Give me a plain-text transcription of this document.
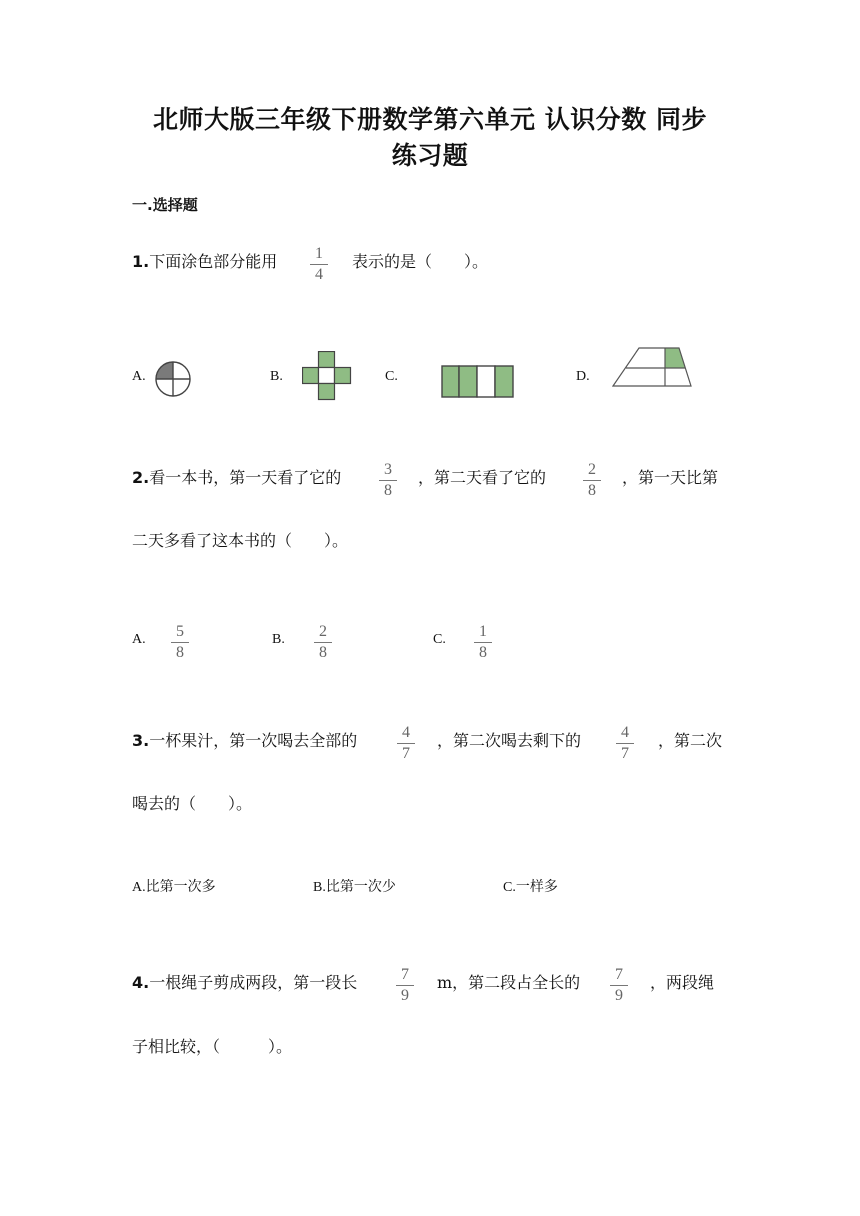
北师大版三年级下册数学第六单元 认识分数 同步
练习题
一.选择题
1.下面涂色部分能用	1
4
表示的是（　　）。
A.	B.	C.	D.
2.看一本书，第一天看了它的	3
8
，第二天看了它的	2
8
，第一天比第
二天多看了这本书的（　　）。
A.	5
8
B.	2
8
C.	1
8
3.一杯果汁，第一次喝去全部的	4
7
，第二次喝去剩下的	4
7
，第二次
喝去的（　　）。
A.比第一次多	B.比第一次少	C.一样多
4.一根绳子剪成两段，第一段长	7
9
m，第二段占全长的	7
9
，两段绳
子相比较，（　　　）。
